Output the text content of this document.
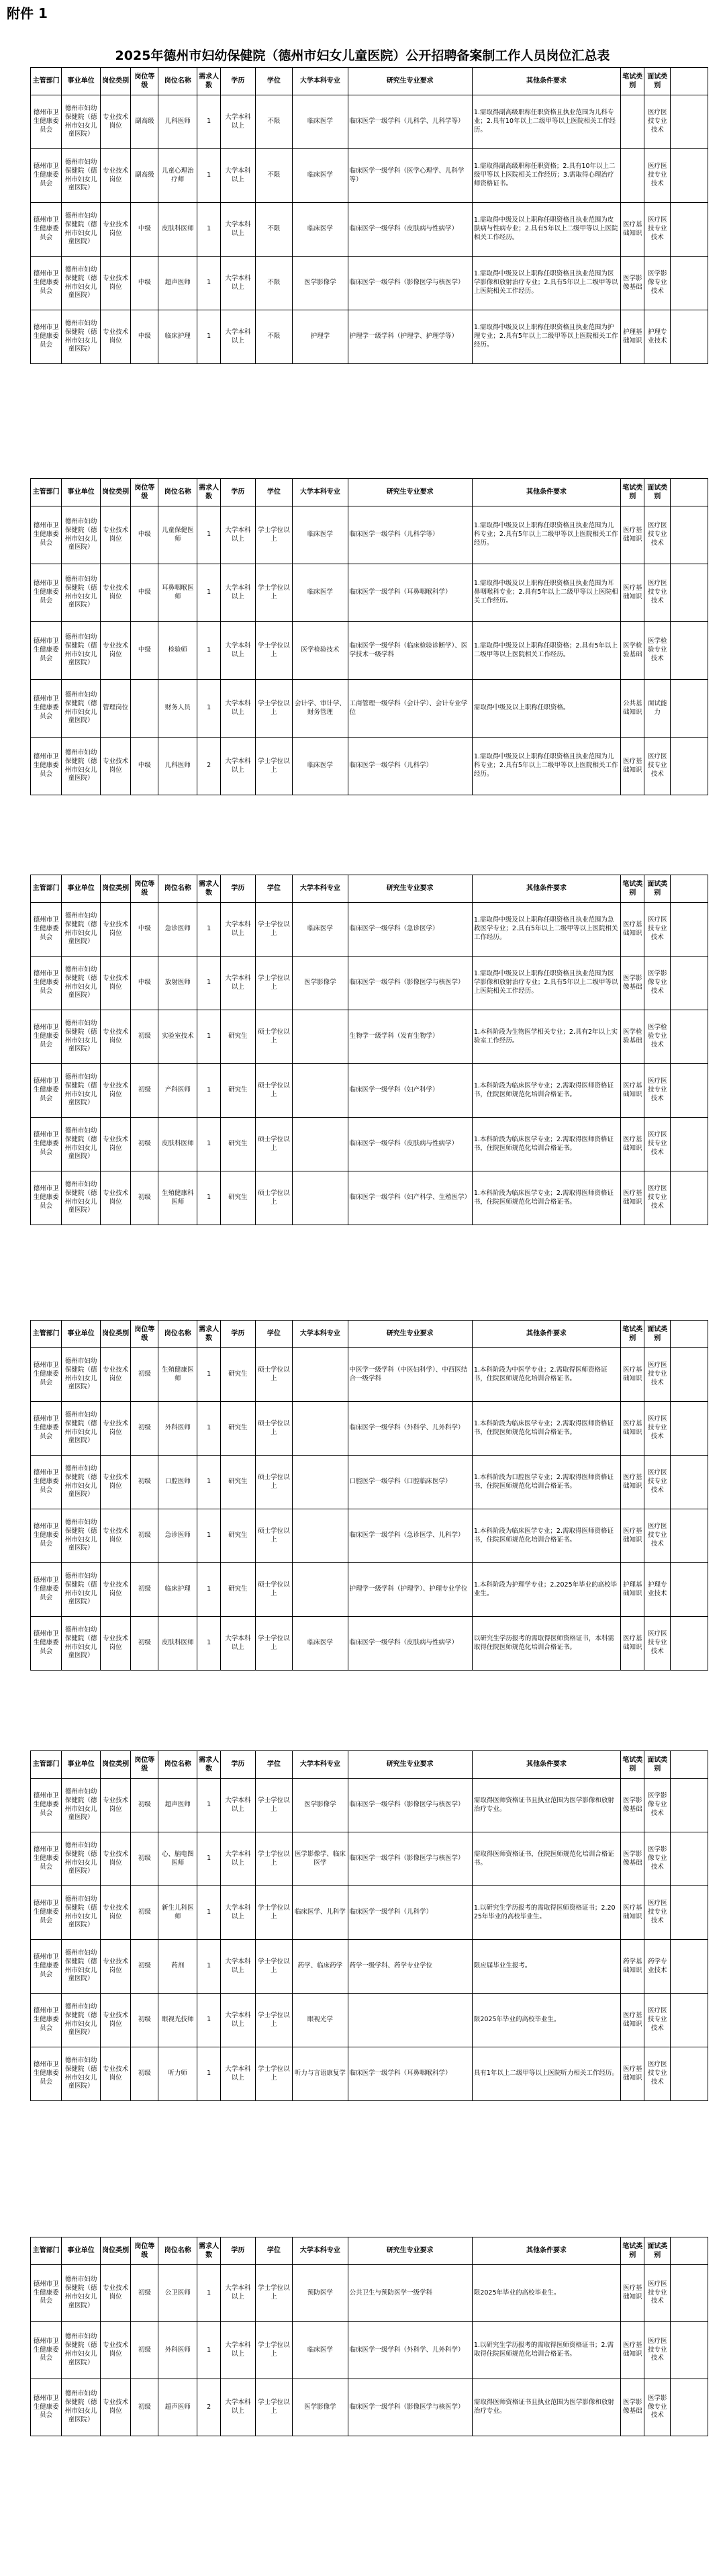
附件 1
2025年德州市妇幼保健院（德州市妇女儿童医院）公开招聘备案制工作人员岗位汇总表
主管部门	事业单位	岗位类别	岗位等级	岗位名称	需求人数	学历	学位	大学本科专业	研究生专业要求	其他条件要求	笔试类别	面试类别	
德州市卫生健康委员会	德州市妇幼保健院（德州市妇女儿童医院）	专业技术岗位	副高级	儿科医师	1	大学本科以上	不限	临床医学	临床医学一级学科（儿科学、儿科学等）	1.需取得副高级职称任职资格且执业范围为儿科专业；2.具有10年以上二级甲等以上医院相关工作经历。		医疗医技专业技术	
德州市卫生健康委员会	德州市妇幼保健院（德州市妇女儿童医院）	专业技术岗位	副高级	儿童心理治疗师	1	大学本科以上	不限	临床医学	临床医学一级学科（医学心理学、儿科学等）	1.需取得副高级职称任职资格；2.具有10年以上二级甲等以上医院相关工作经历；3.需取得心理治疗师资格证书。		医疗医技专业技术	
德州市卫生健康委员会	德州市妇幼保健院（德州市妇女儿童医院）	专业技术岗位	中级	皮肤科医师	1	大学本科以上	不限	临床医学	临床医学一级学科（皮肤病与性病学）	1.需取得中级及以上职称任职资格且执业范围为皮肤病与性病专业；2.具有5年以上二级甲等以上医院相关工作经历。	医疗基础知识	医疗医技专业技术	
德州市卫生健康委员会	德州市妇幼保健院（德州市妇女儿童医院）	专业技术岗位	中级	超声医师	1	大学本科以上	不限	医学影像学	临床医学一级学科（影像医学与核医学）	1.需取得中级及以上职称任职资格且执业范围为医学影像和放射治疗专业；2.具有5年以上二级甲等以上医院相关工作经历。	医学影像基础	医学影像专业技术	
德州市卫生健康委员会	德州市妇幼保健院（德州市妇女儿童医院）	专业技术岗位	中级	临床护理	1	大学本科以上	不限	护理学	护理学一级学科（护理学、护理学等）	1.需取得中级及以上职称任职资格且执业范围为护理专业；2.具有5年以上二级甲等以上医院相关工作经历。	护理基础知识	护理专业技术	
主管部门	事业单位	岗位类别	岗位等级	岗位名称	需求人数	学历	学位	大学本科专业	研究生专业要求	其他条件要求	笔试类别	面试类别	
德州市卫生健康委员会	德州市妇幼保健院（德州市妇女儿童医院）	专业技术岗位	中级	儿童保健医师	1	大学本科以上	学士学位以上	临床医学	临床医学一级学科（儿科学等）	1.需取得中级及以上职称任职资格且执业范围为儿科专业；2.具有5年以上二级甲等以上医院相关工作经历。	医疗基础知识	医疗医技专业技术	
德州市卫生健康委员会	德州市妇幼保健院（德州市妇女儿童医院）	专业技术岗位	中级	耳鼻咽喉医师	1	大学本科以上	学士学位以上	临床医学	临床医学一级学科（耳鼻咽喉科学）	1.需取得中级及以上职称任职资格且执业范围为耳鼻咽喉科专业；2.具有5年以上二级甲等以上医院相关工作经历。	医疗基础知识	医疗医技专业技术	
德州市卫生健康委员会	德州市妇幼保健院（德州市妇女儿童医院）	专业技术岗位	中级	检验师	1	大学本科以上	学士学位以上	医学检验技术	临床医学一级学科（临床检验诊断学）、医学技术一级学科	1.需取得中级及以上职称任职资格；2.具有5年以上二级甲等以上医院相关工作经历。	医学检验基础	医学检验专业技术	
德州市卫生健康委员会	德州市妇幼保健院（德州市妇女儿童医院）	管理岗位		财务人员	1	大学本科以上	学士学位以上	会计学、审计学、财务管理	工商管理一级学科（会计学）、会计专业学位	需取得中级及以上职称任职资格。	公共基础知识	面试能力	
德州市卫生健康委员会	德州市妇幼保健院（德州市妇女儿童医院）	专业技术岗位	中级	儿科医师	2	大学本科以上	学士学位以上	临床医学	临床医学一级学科（儿科学）	1.需取得中级及以上职称任职资格且执业范围为儿科专业；2.具有5年以上二级甲等以上医院相关工作经历。	医疗基础知识	医疗医技专业技术	
主管部门	事业单位	岗位类别	岗位等级	岗位名称	需求人数	学历	学位	大学本科专业	研究生专业要求	其他条件要求	笔试类别	面试类别	
德州市卫生健康委员会	德州市妇幼保健院（德州市妇女儿童医院）	专业技术岗位	中级	急诊医师	1	大学本科以上	学士学位以上	临床医学	临床医学一级学科（急诊医学）	1.需取得中级及以上职称任职资格且执业范围为急救医学专业；2.具有5年以上二级甲等以上医院相关工作经历。	医疗基础知识	医疗医技专业技术	
德州市卫生健康委员会	德州市妇幼保健院（德州市妇女儿童医院）	专业技术岗位	中级	放射医师	1	大学本科以上	学士学位以上	医学影像学	临床医学一级学科（影像医学与核医学）	1.需取得中级及以上职称任职资格且执业范围为医学影像和放射治疗专业；2.具有5年以上二级甲等以上医院相关工作经历。	医学影像基础	医学影像专业技术	
德州市卫生健康委员会	德州市妇幼保健院（德州市妇女儿童医院）	专业技术岗位	初级	实验室技术	1	研究生	硕士学位以上		生物学一级学科（发育生物学）	1.本科阶段为生物医学相关专业；2.具有2年以上实验室工作经历。	医学检验基础	医学检验专业技术	
德州市卫生健康委员会	德州市妇幼保健院（德州市妇女儿童医院）	专业技术岗位	初级	产科医师	1	研究生	硕士学位以上		临床医学一级学科（妇产科学）	1.本科阶段为临床医学专业；2.需取得医师资格证书，住院医师规范化培训合格证书。	医疗基础知识	医疗医技专业技术	
德州市卫生健康委员会	德州市妇幼保健院（德州市妇女儿童医院）	专业技术岗位	初级	皮肤科医师	1	研究生	硕士学位以上		临床医学一级学科（皮肤病与性病学）	1.本科阶段为临床医学专业；2.需取得医师资格证书，住院医师规范化培训合格证书。	医疗基础知识	医疗医技专业技术	
德州市卫生健康委员会	德州市妇幼保健院（德州市妇女儿童医院）	专业技术岗位	初级	生殖健康科医师	1	研究生	硕士学位以上		临床医学一级学科（妇产科学、生殖医学）	1.本科阶段为临床医学专业；2.需取得医师资格证书，住院医师规范化培训合格证书。	医疗基础知识	医疗医技专业技术	
主管部门	事业单位	岗位类别	岗位等级	岗位名称	需求人数	学历	学位	大学本科专业	研究生专业要求	其他条件要求	笔试类别	面试类别	
德州市卫生健康委员会	德州市妇幼保健院（德州市妇女儿童医院）	专业技术岗位	初级	生殖健康医师	1	研究生	硕士学位以上		中医学一级学科（中医妇科学）、中西医结合一级学科	1.本科阶段为中医学专业；2.需取得医师资格证书，住院医师规范化培训合格证书。	医疗基础知识	医疗医技专业技术	
德州市卫生健康委员会	德州市妇幼保健院（德州市妇女儿童医院）	专业技术岗位	初级	外科医师	1	研究生	硕士学位以上		临床医学一级学科（外科学、儿外科学）	1.本科阶段为临床医学专业；2.需取得医师资格证书，住院医师规范化培训合格证书。	医疗基础知识	医疗医技专业技术	
德州市卫生健康委员会	德州市妇幼保健院（德州市妇女儿童医院）	专业技术岗位	初级	口腔医师	1	研究生	硕士学位以上		口腔医学一级学科（口腔临床医学）	1.本科阶段为口腔医学专业；2.需取得医师资格证书，住院医师规范化培训合格证书。	医疗基础知识	医疗医技专业技术	
德州市卫生健康委员会	德州市妇幼保健院（德州市妇女儿童医院）	专业技术岗位	初级	急诊医师	1	研究生	硕士学位以上		临床医学一级学科（急诊医学、儿科学）	1.本科阶段为临床医学专业；2.需取得医师资格证书，住院医师规范化培训合格证书。	医疗基础知识	医疗医技专业技术	
德州市卫生健康委员会	德州市妇幼保健院（德州市妇女儿童医院）	专业技术岗位	初级	临床护理	1	研究生	硕士学位以上		护理学一级学科（护理学）、护理专业学位	1.本科阶段为护理学专业；2.2025年毕业的高校毕业生。	护理基础知识	护理专业技术	
德州市卫生健康委员会	德州市妇幼保健院（德州市妇女儿童医院）	专业技术岗位	初级	皮肤科医师	1	大学本科以上	学士学位以上	临床医学	临床医学一级学科（皮肤病与性病学）	以研究生学历报考的需取得医师资格证书，本科需取得住院医师规范化培训合格证书。	医疗基础知识	医疗医技专业技术	
主管部门	事业单位	岗位类别	岗位等级	岗位名称	需求人数	学历	学位	大学本科专业	研究生专业要求	其他条件要求	笔试类别	面试类别	
德州市卫生健康委员会	德州市妇幼保健院（德州市妇女儿童医院）	专业技术岗位	初级	超声医师	1	大学本科以上	学士学位以上	医学影像学	临床医学一级学科（影像医学与核医学）	需取得医师资格证书且执业范围为医学影像和放射治疗专业。	医学影像基础	医学影像专业技术	
德州市卫生健康委员会	德州市妇幼保健院（德州市妇女儿童医院）	专业技术岗位	初级	心、脑电图医师	1	大学本科以上	学士学位以上	医学影像学、临床医学	临床医学一级学科（影像医学与核医学）	需取得医师资格证书，住院医师规范化培训合格证书。	医学影像基础	医学影像专业技术	
德州市卫生健康委员会	德州市妇幼保健院（德州市妇女儿童医院）	专业技术岗位	初级	新生儿科医师	1	大学本科以上	学士学位以上	临床医学、儿科学	临床医学一级学科（儿科学）	1.以研究生学历报考的需取得医师资格证书；2.2025年毕业的高校毕业生。	医疗基础知识	医疗医技专业技术	
德州市卫生健康委员会	德州市妇幼保健院（德州市妇女儿童医院）	专业技术岗位	初级	药剂	1	大学本科以上	学士学位以上	药学、临床药学	药学一级学科、药学专业学位	限应届毕业生报考。	药学基础知识	药学专业技术	
德州市卫生健康委员会	德州市妇幼保健院（德州市妇女儿童医院）	专业技术岗位	初级	眼视光技师	1	大学本科以上	学士学位以上	眼视光学		限2025年毕业的高校毕业生。	医疗基础知识	医疗医技专业技术	
德州市卫生健康委员会	德州市妇幼保健院（德州市妇女儿童医院）	专业技术岗位	初级	听力师	1	大学本科以上	学士学位以上	听力与言语康复学	临床医学一级学科（耳鼻咽喉科学）	具有1年以上二级甲等以上医院听力相关工作经历。	医疗基础知识	医疗医技专业技术	
主管部门	事业单位	岗位类别	岗位等级	岗位名称	需求人数	学历	学位	大学本科专业	研究生专业要求	其他条件要求	笔试类别	面试类别	
德州市卫生健康委员会	德州市妇幼保健院（德州市妇女儿童医院）	专业技术岗位	初级	公卫医师	1	大学本科以上	学士学位以上	预防医学	公共卫生与预防医学一级学科	限2025年毕业的高校毕业生。	医疗基础知识	医疗医技专业技术	
德州市卫生健康委员会	德州市妇幼保健院（德州市妇女儿童医院）	专业技术岗位	初级	外科医师	1	大学本科以上	学士学位以上	临床医学	临床医学一级学科（外科学、儿外科学）	1.以研究生学历报考的需取得医师资格证书；2.需取得住院医师规范化培训合格证书。	医疗基础知识	医疗医技专业技术	
德州市卫生健康委员会	德州市妇幼保健院（德州市妇女儿童医院）	专业技术岗位	初级	超声医师	2	大学本科以上	学士学位以上	医学影像学	临床医学一级学科（影像医学与核医学）	需取得医师资格证书且执业范围为医学影像和放射治疗专业。	医学影像基础	医学影像专业技术	
